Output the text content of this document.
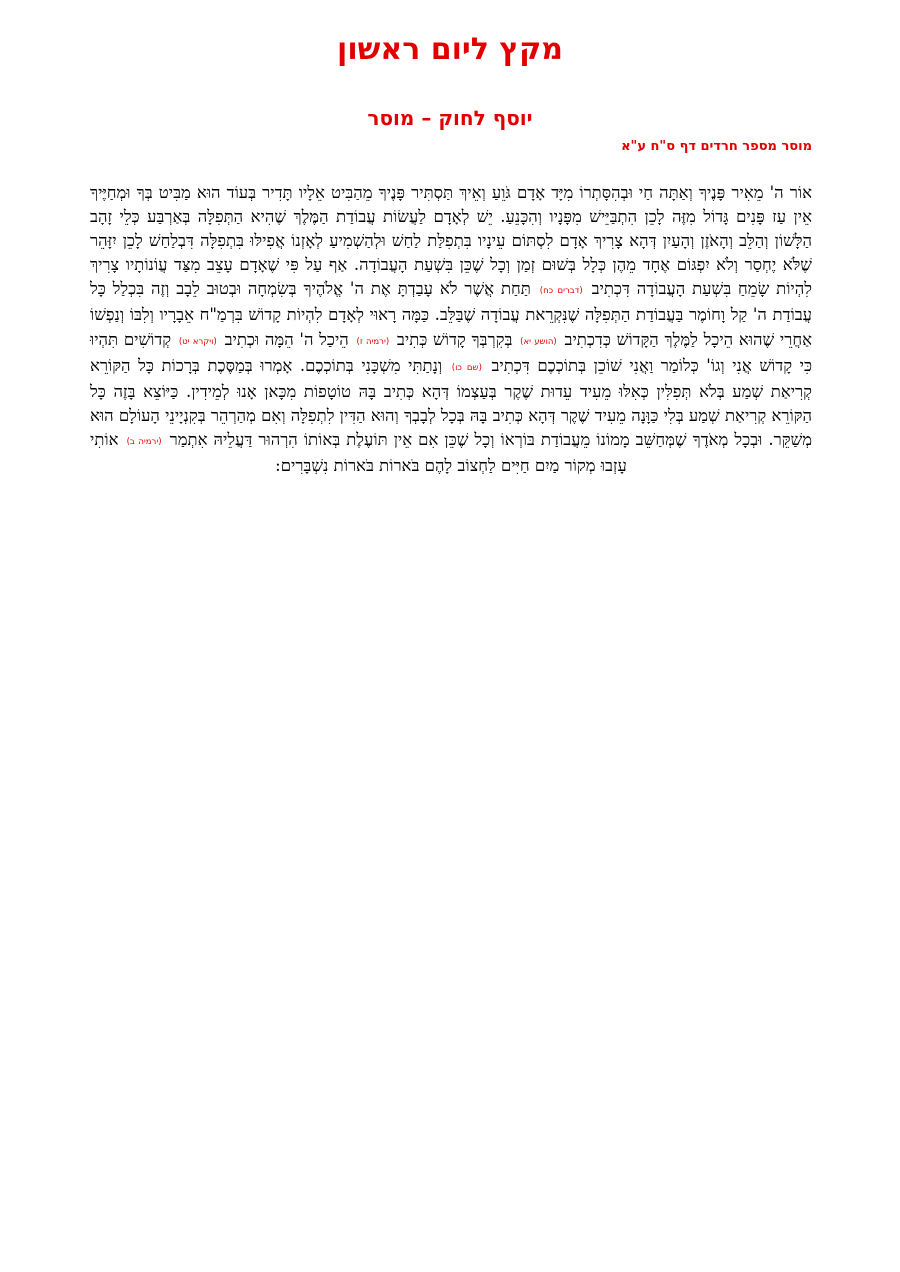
מקץ ליום ראשון
יוסף לחוק – מוסר
מוסר מספר חרדים דף ס"ח ע"א

אוֹר ה' מֵאִיר פָּנֶיךָ וְאַתָּה חַי וּבְהִסָּתְרוֹ מִיָּד אָדָם גֹּוֵעַ וְאֵיךְ תַּסְתִּיר פָּנֶיךָ מֵהַבִּיט אֵלָיו תָּדִיר בְּעוֹד הוּא מַבִּיט בְּךָ וּמְחַיֶּיךָ אֵין עַז פָּנִים גָּדוֹל מִזֶּה לָכֵן הִתְבַּיֵּישׁ מִפָּנָיו וְהִכָּנֵעַ. יֵשׁ לְאָדָם לַעֲשׂוֹת עֲבוֹדַת הַמֶּלֶךְ שֶׁהִיא הַתְּפִלָּה בְּאַרְבַּע כְּלֵי זָהָב הַלָּשׁוֹן וְהַלֵּב וְהָאֹזֶן וְהָעַיִן דְּהָא צָרִיךְ אָדָם לִסְתּוֹם עֵינָיו בִּתְפִלַּת לַחַשׁ וּלְהַשְׁמִיעַ לְאָזְנוֹ אֲפִילּוּ בִּתְפִלָּה דִּבְלַחַשׁ לָכֵן יִזָּהֵר שֶׁלֹּא יֶחְסַר וְלֹא יִפְגּוֹם אֶחָד מֵהֶן כְּלָל בְּשׁוּם זְמַן וְכָל שֶׁכֵּן בִּשְׁעַת הָעֲבוֹדָה. אַף עַל פִּי שֶׁאָדָם עָצֵב מִצַּד עֲוֹנוֹתָיו צָרִיךְ לִהְיוֹת שָׂמֵחַ בִּשְׁעַת הָעֲבוֹדָה דִּכְתִיב (דברים כח) תַּחַת אֲשֶׁר לֹא עָבַדְתָּ אֶת ה' אֱלֹהֶיךָ בְּשִׂמְחָה וּבְטוּב לֵבָב וְזֶה בִּכְלַל כָּל עֲבוֹדַת ה' קַל וָחוֹמֶר בַּעֲבוֹדַת הַתְּפִלָּה שֶׁנִּקְרֵאת עֲבוֹדָה שֶׁבַּלֵּב. כַּמָּה רָאוּי לְאָדָם לִהְיוֹת קָדוֹשׁ בִּרְמַ"ח אֵבָרָיו וְלִבּוֹ וְנַפְשׁוֹ אַחֲרֵי שֶׁהוּא הֵיכָל לַמֶּלֶךְ הַקָּדוֹשׁ כְּדִכְתִיב (הושע יא) בְּקִרְבְּךָ קָדוֹשׁ כְּתִיב (ירמיה ז) הֵיכַל ה' הֵמָּה וּכְתִיב (ויקרא יט) קְדוֹשִׁים תִּהְיוּ כִּי קָדוֹשׁ אֲנִי וְגוֹ' כְּלוֹמַר וַאֲנִי שׁוֹכֵן בְּתוֹכְכֶם דִּכְתִיב (שם כו) וְנָתַתִּי מִשְׁכָּנִי בְּתוֹכְכֶם. אָמְרוּ בְּמַסֶּכֶת בְּרָכוֹת כָּל הַקּוֹרֵא קְרִיאַת שְׁמַע בְּלֹא תְּפִלִּין כְּאִלּוּ מֵעִיד עֵדוּת שֶׁקֶר בְּעַצְמוֹ דְּהָא כְּתִיב בָּהּ טוֹטָפוֹת מִכָּאן אָנוּ לְמֵידִין. כַּיּוֹצֵא בָּזֶה כָּל הַקּוֹרֵא קְרִיאַת שְׁמַע בְּלִי כַּוָּנָה מֵעִיד שֶׁקֶר דְּהָא כְּתִיב בָּהּ בְּכָל לְבָבְךָ וְהוּא הַדִּין לִתְפִלָּה וְאִם מְהַרְהֵר בְּקִנְיָינֵי הָעוֹלָם הוּא מְשַׁקֵּר. וּבְכָל מְאֹדֶךָ שֶׁמְּחַשֵּׁב מָמוֹנוֹ מֵעֲבוֹדַת בּוֹרְאוֹ וְכָל שֶׁכֵּן אִם אֵין תּוֹעֶלֶת בְּאוֹתוֹ הִרְהוּר דַּעֲלֵיהּ אִתְמַר (ירמיה ב) אוֹתִי עָזְבוּ מְקוֹר מַיִם חַיִּים לַחְצוֹב לָהֶם בֹּארוֹת בֹּארוֹת נִשְׁבָּרִים:
